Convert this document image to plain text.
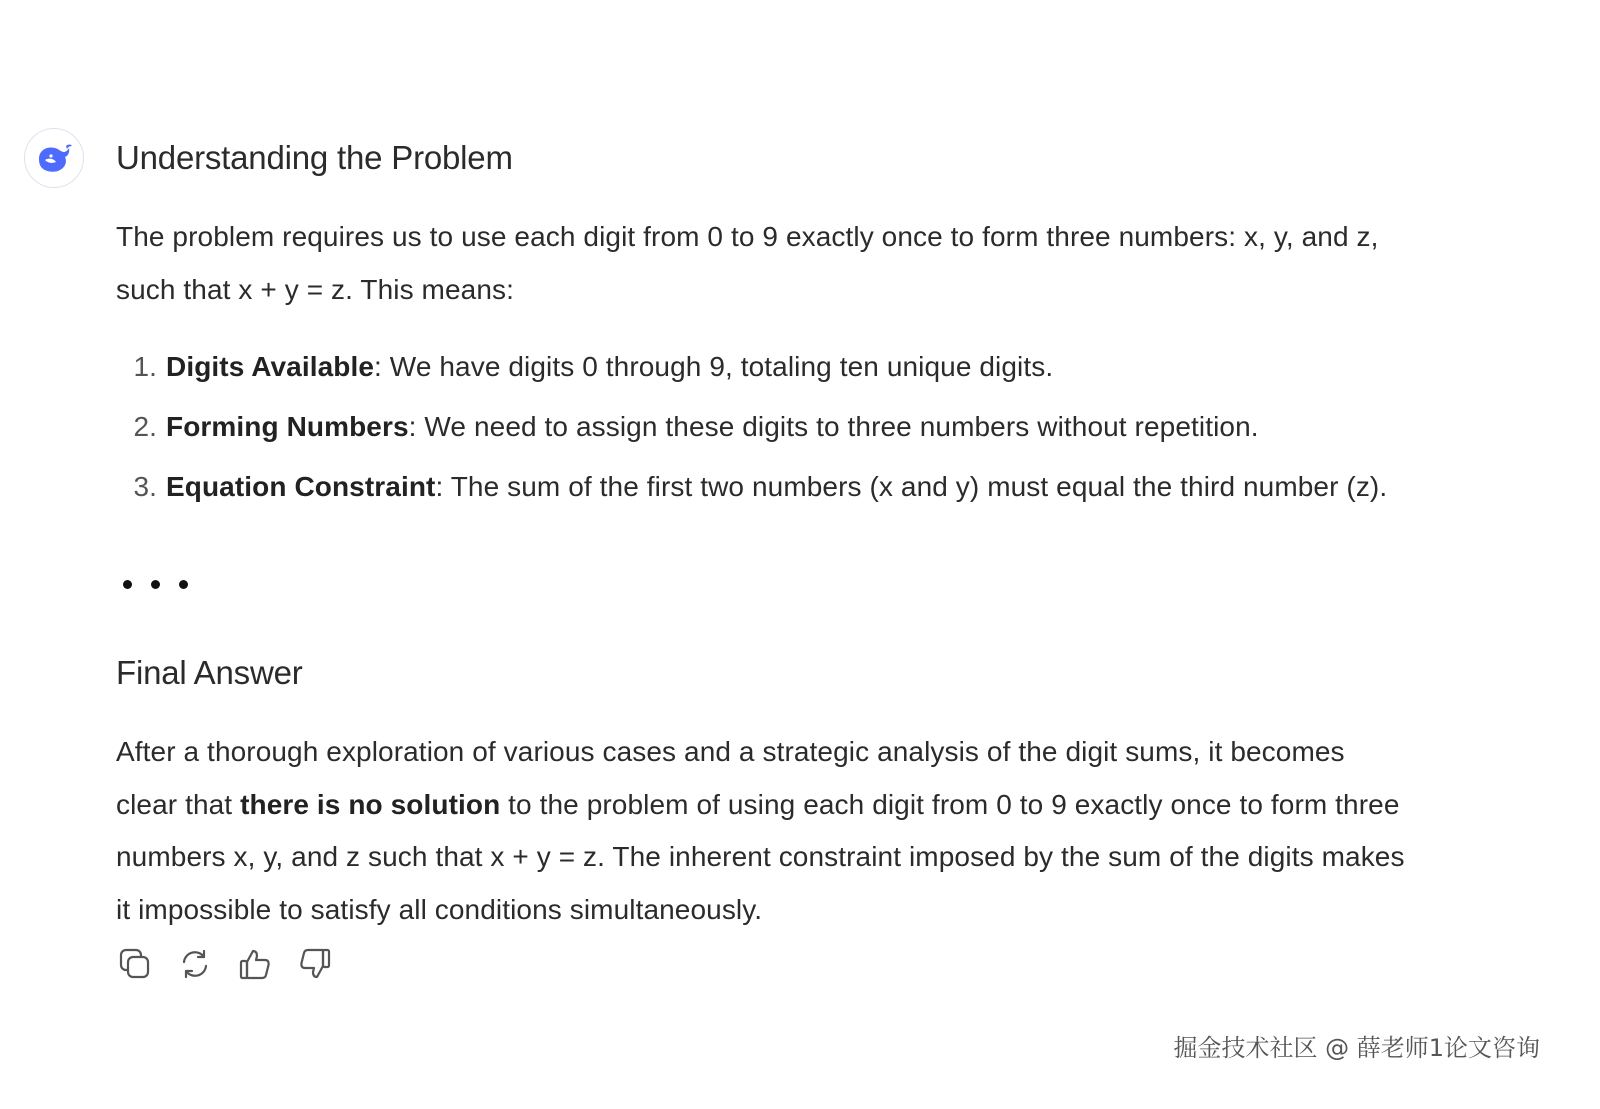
Understanding the Problem

The problem requires us to use each digit from 0 to 9 exactly once to form three numbers: x, y, and z,
such that x + y = z. This means:

1. Digits Available: We have digits 0 through 9, totaling ten unique digits.
2. Forming Numbers: We need to assign these digits to three numbers without repetition.
3. Equation Constraint: The sum of the first two numbers (x and y) must equal the third number (z).
Final Answer

After a thorough exploration of various cases and a strategic analysis of the digit sums, it becomes
clear that there is no solution to the problem of using each digit from 0 to 9 exactly once to form three
numbers x, y, and z such that x + y = z. The inherent constraint imposed by the sum of the digits makes
it impossible to satisfy all conditions simultaneously.

掘金技术社区 @ 薛老师1论文咨询
